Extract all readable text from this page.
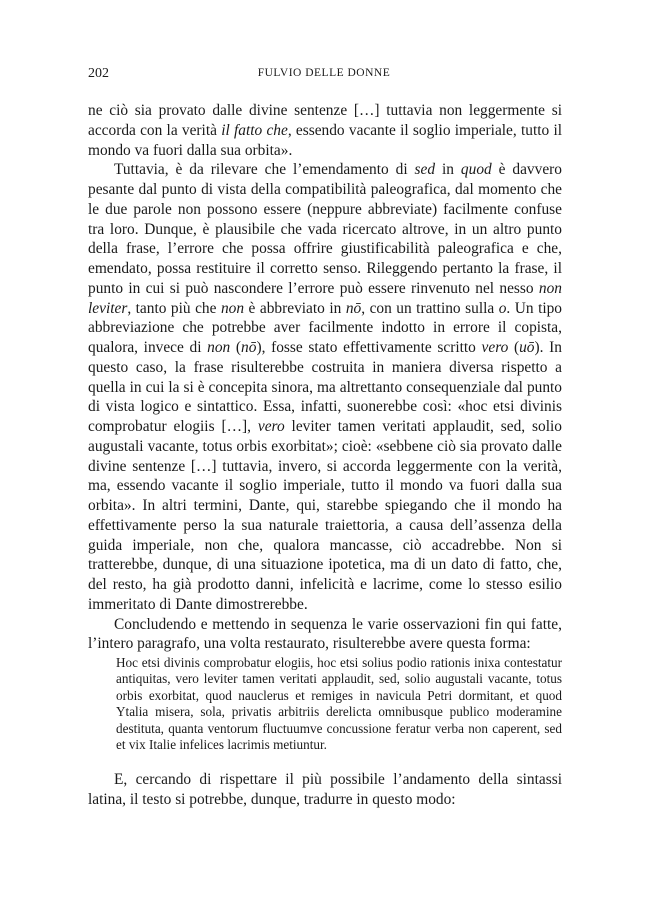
202	FULVIO DELLE DONNE

ne ciò sia provato dalle divine sentenze […] tuttavia non leggermente si accorda con la verità il fatto che, essendo vacante il soglio imperiale, tutto il mondo va fuori dalla sua orbita».

Tuttavia, è da rilevare che l’emendamento di sed in quod è davvero pesante dal punto di vista della compatibilità paleografica, dal momento che le due parole non possono essere (neppure abbreviate) facilmente confuse tra loro. Dunque, è plausibile che vada ricercato altrove, in un altro punto della frase, l’errore che possa offrire giustificabilità paleografica e che, emendato, possa restituire il corretto senso. Rileggendo pertanto la frase, il punto in cui si può nascondere l’errore può essere rinvenuto nel nesso non leviter, tanto più che non è abbreviato in nō, con un trattino sulla o. Un tipo abbreviazione che potrebbe aver facilmente indotto in errore il copista, qualora, invece di non (nō), fosse stato effettivamente scritto vero (uō). In questo caso, la frase risulterebbe costruita in maniera diversa rispetto a quella in cui la si è concepita sinora, ma altrettanto consequenziale dal punto di vista logico e sintattico. Essa, infatti, suonerebbe così: «hoc etsi divinis comprobatur elogiis […], vero leviter tamen veritati applaudit, sed, solio augustali vacante, totus orbis exorbitat»; cioè: «sebbene ciò sia provato dalle divine sentenze […] tuttavia, invero, si accorda leggermente con la verità, ma, essendo vacante il soglio imperiale, tutto il mondo va fuori dalla sua orbita». In altri termini, Dante, qui, starebbe spiegando che il mondo ha effettivamente perso la sua naturale traiettoria, a causa dell’assenza della guida imperiale, non che, qualora mancasse, ciò accadrebbe. Non si tratterebbe, dunque, di una situazione ipotetica, ma di un dato di fatto, che, del resto, ha già prodotto danni, infelicità e lacrime, come lo stesso esilio immeritato di Dante dimostrerebbe.

Concludendo e mettendo in sequenza le varie osservazioni fin qui fatte, l’intero paragrafo, una volta restaurato, risulterebbe avere questa forma:

Hoc etsi divinis comprobatur elogiis, hoc etsi solius podio rationis inixa contestatur antiquitas, vero leviter tamen veritati applaudit, sed, solio augustali vacante, totus orbis exorbitat, quod nauclerus et remiges in navicula Petri dormitant, et quod Ytalia misera, sola, privatis arbitriis derelicta omnibusque publico moderamine destituta, quanta ventorum fluctuumve concussione feratur verba non caperent, sed et vix Italie infelices lacrimis metiuntur.

E, cercando di rispettare il più possibile l’andamento della sintassi latina, il testo si potrebbe, dunque, tradurre in questo modo:
